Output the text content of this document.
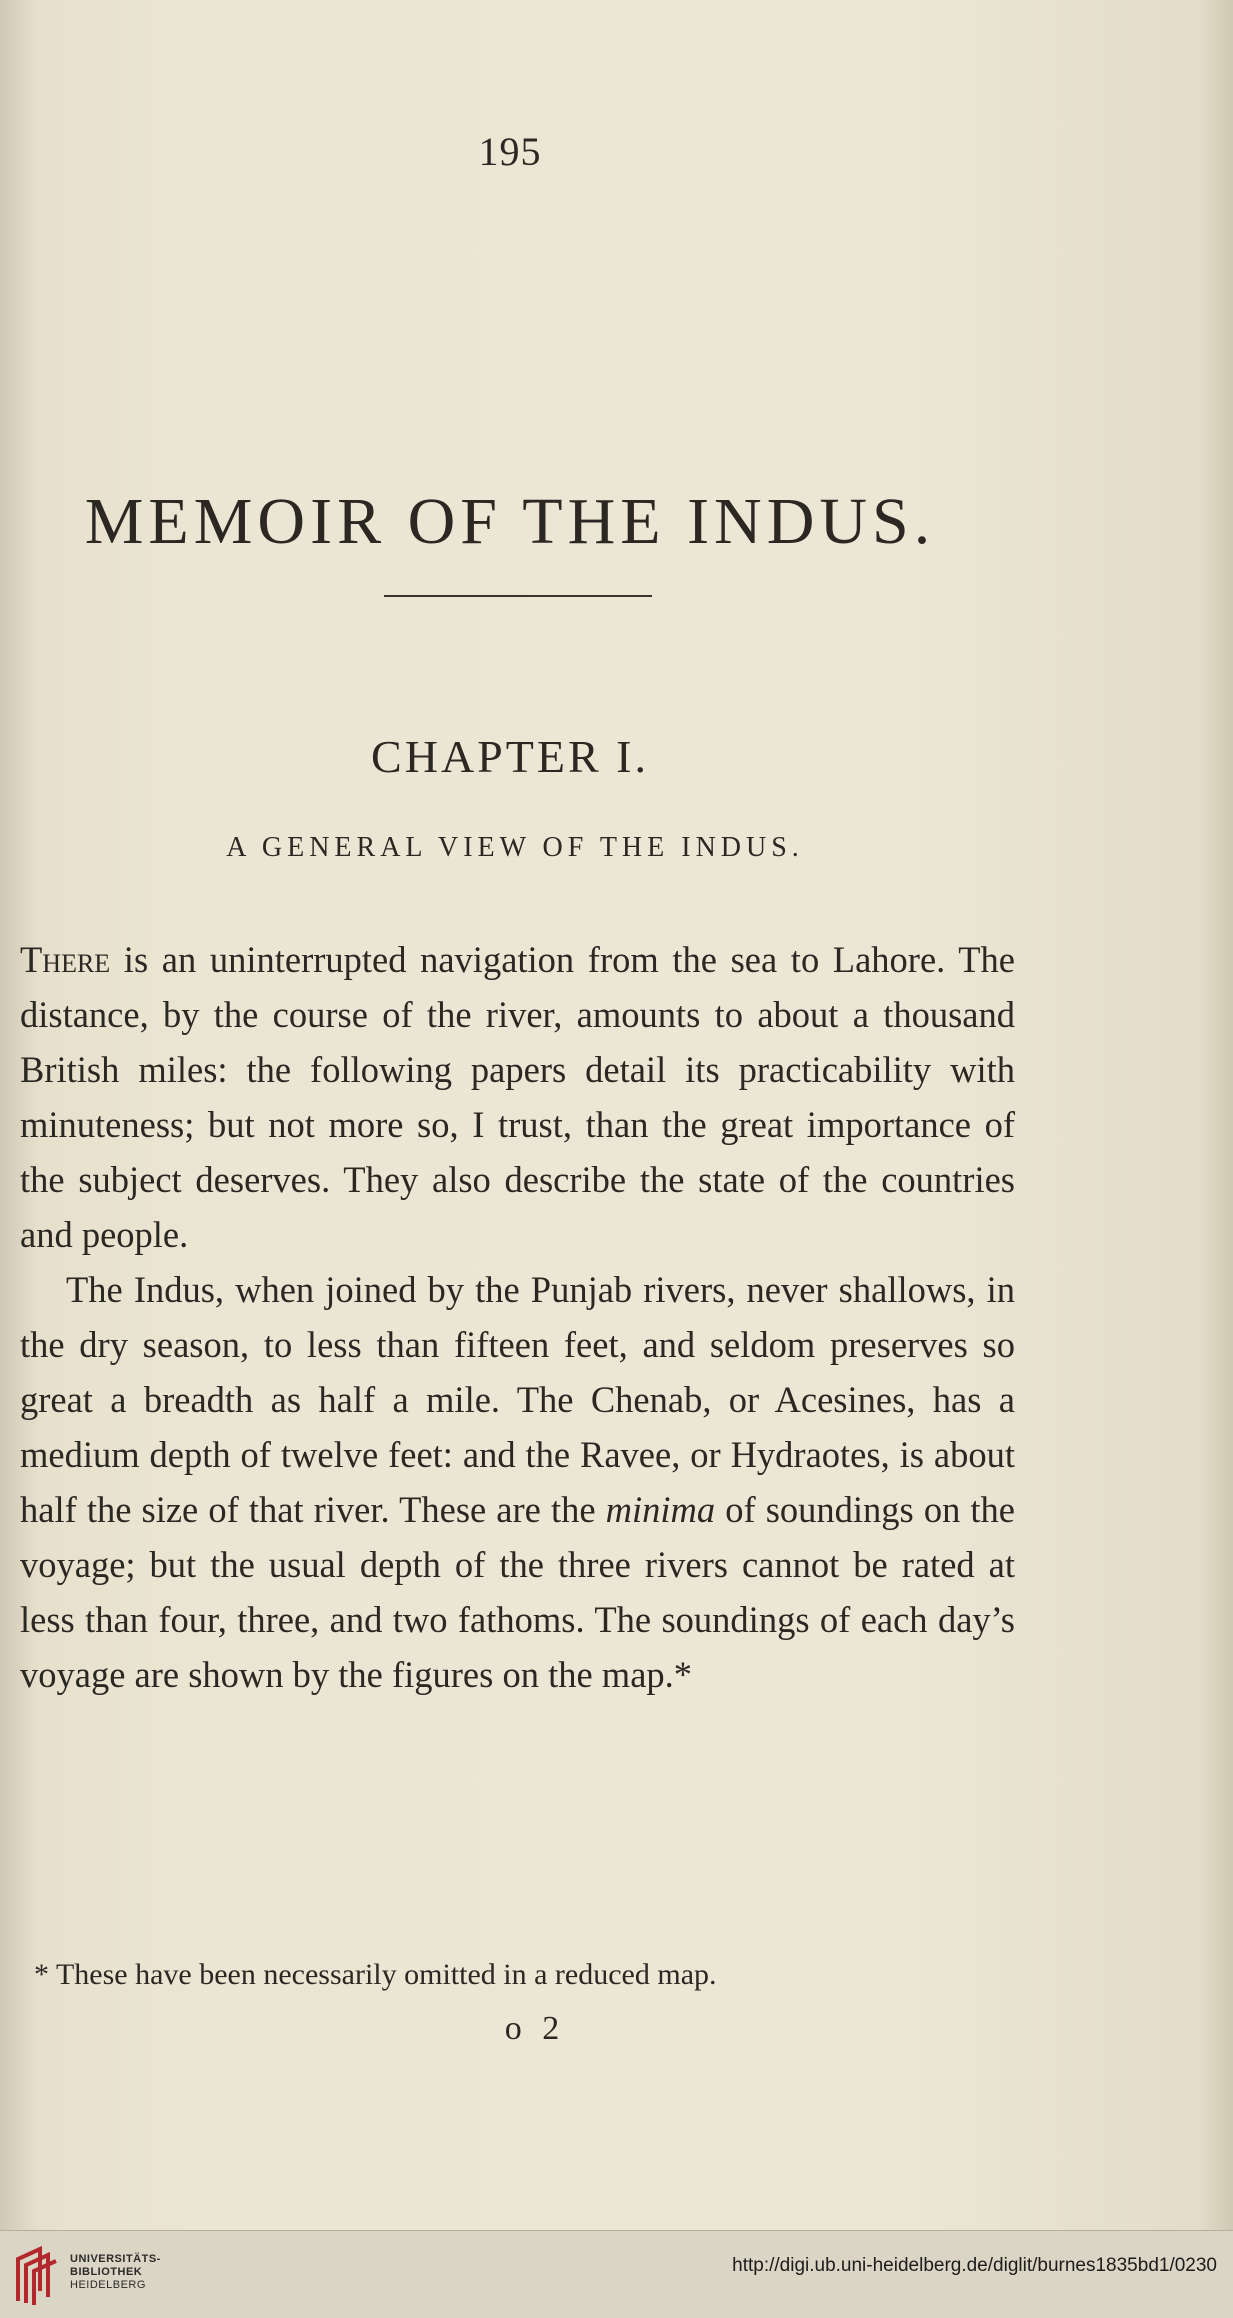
195
MEMOIR OF THE INDUS.
CHAPTER I.
A GENERAL VIEW OF THE INDUS.

There is an uninterrupted navigation from the sea to Lahore. The distance, by the course of the river, amounts to about a thousand British miles: the following papers detail its practicability with minuteness; but not more so, I trust, than the great importance of the subject deserves. They also describe the state of the countries and people.

The Indus, when joined by the Punjab rivers, never shallows, in the dry season, to less than fifteen feet, and seldom preserves so great a breadth as half a mile. The Chenab, or Acesines, has a medium depth of twelve feet: and the Ravee, or Hydraotes, is about half the size of that river. These are the minima of soundings on the voyage; but the usual depth of the three rivers cannot be rated at less than four, three, and two fathoms. The soundings of each day’s voyage are shown by the figures on the map.*

* These have been necessarily omitted in a reduced map.
o 2
UNIVERSITÄTS-
BIBLIOTHEK
HEIDELBERG
http://digi.ub.uni-heidelberg.de/diglit/burnes1835bd1/0230
